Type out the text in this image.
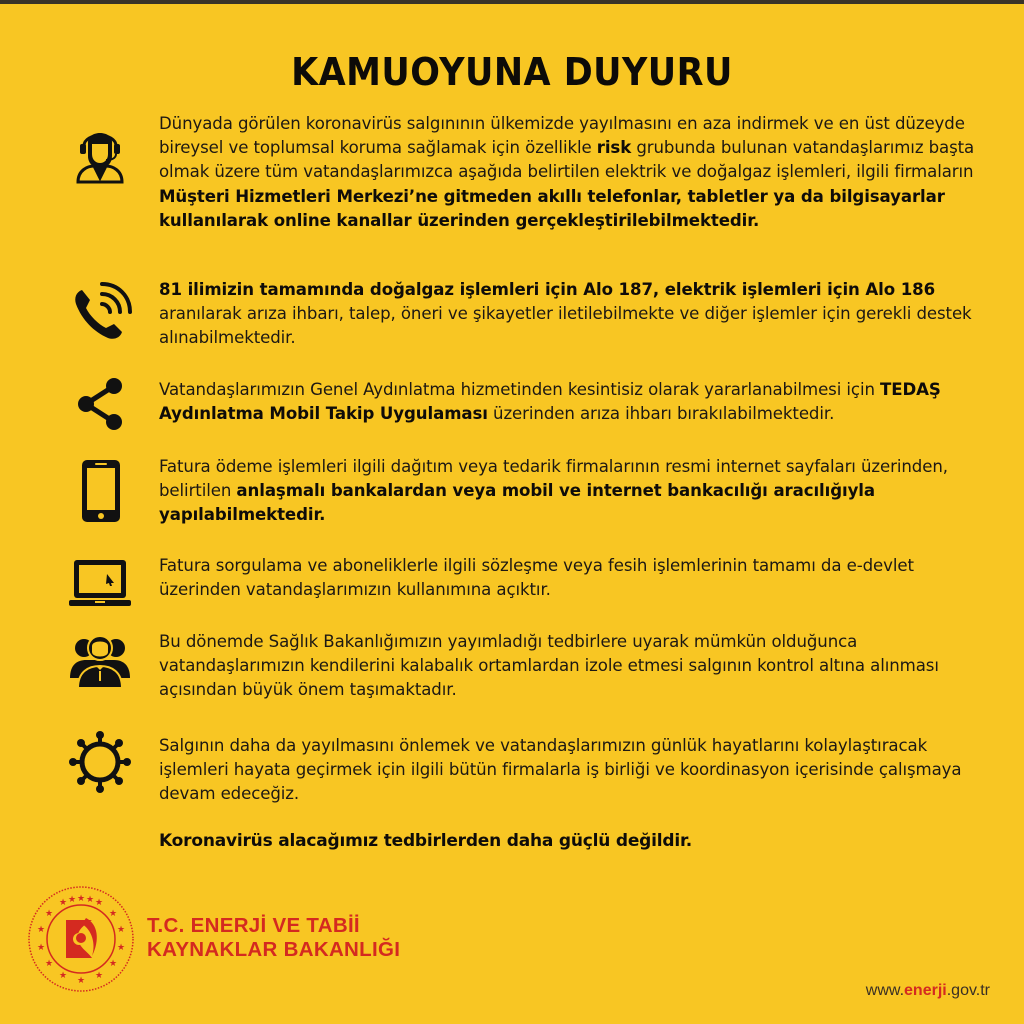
KAMUOYUNA DUYURU
Dünyada görülen koronavirüs salgınının ülkemizde yayılmasını en aza indirmek ve en üst düzeyde bireysel ve toplumsal koruma sağlamak için özellikle risk grubunda bulunan vatandaşlarımız başta olmak üzere tüm vatandaşlarımızca aşağıda belirtilen elektrik ve doğalgaz işlemleri, ilgili firmaların Müşteri Hizmetleri Merkezi’ne gitmeden akıllı telefonlar, tabletler ya da bilgisayarlar kullanılarak online kanallar üzerinden gerçekleştirilebilmektedir.
81 ilimizin tamamında doğalgaz işlemleri için Alo 187, elektrik işlemleri için Alo 186 aranılarak arıza ihbarı, talep, öneri ve şikayetler iletilebilmekte ve diğer işlemler için gerekli destek alınabilmektedir.
Vatandaşlarımızın Genel Aydınlatma hizmetinden kesintisiz olarak yararlanabilmesi için TEDAŞ Aydınlatma Mobil Takip Uygulaması üzerinden arıza ihbarı bırakılabilmektedir.
Fatura ödeme işlemleri ilgili dağıtım veya tedarik firmalarının resmi internet sayfaları üzerinden, belirtilen anlaşmalı bankalardan veya mobil ve internet bankacılığı aracılığıyla yapılabilmektedir.
Fatura sorgulama ve aboneliklerle ilgili sözleşme veya fesih işlemlerinin tamamı da e-devlet üzerinden vatandaşlarımızın kullanımına açıktır.
Bu dönemde Sağlık Bakanlığımızın yayımladığı tedbirlere uyarak mümkün olduğunca vatandaşlarımızın kendilerini kalabalık ortamlardan izole etmesi salgının kontrol altına alınması açısından büyük önem taşımaktadır.
Salgının daha da yayılmasını önlemek ve vatandaşlarımızın günlük hayatlarını kolaylaştıracak işlemleri hayata geçirmek için ilgili bütün firmalarla iş birliği ve koordinasyon içerisinde çalışmaya devam edeceğiz.
Koronavirüs alacağımız tedbirlerden daha güçlü değildir.
★ ★
★
★
★
★
★
★
★
★
★
★
★
★ ★ ★
T.C. ENERJİ VE TABİİ
KAYNAKLAR BAKANLIĞI
www.enerji.gov.tr
